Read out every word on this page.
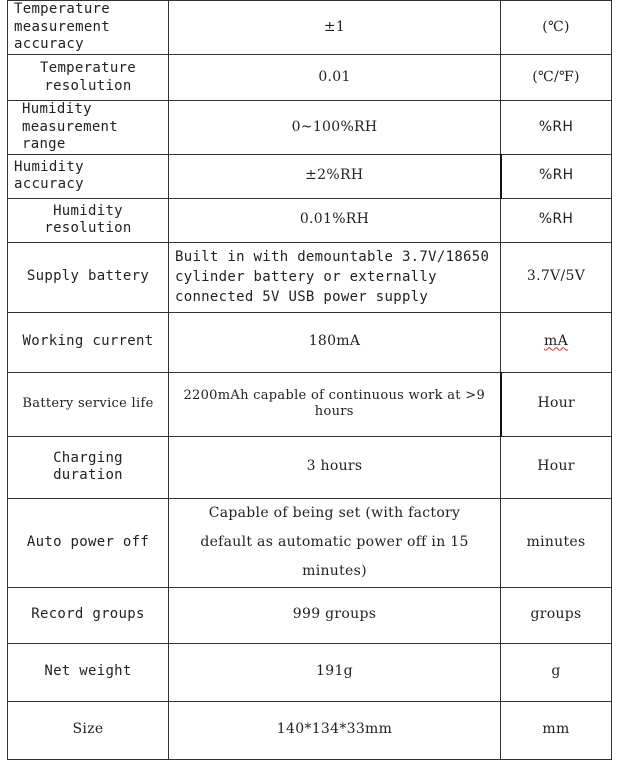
Temperature measurement accuracy	±1	(℃)
Temperature resolution	0.01	(℃/℉)
Humidity measurement range	0~100%RH	%RH
Humidity accuracy	±2%RH	%RH
Humidity resolution	0.01%RH	%RH
Supply battery	Built in with demountable 3.7V/18650 cylinder battery or externally connected 5V USB power supply	3.7V/5V
Working current	180mA	mA
Battery service life	2200mAh capable of continuous work at >9 hours	Hour
Charging duration	3 hours	Hour
Auto power off	Capable of being set (with factory default as automatic power off in 15 minutes)	minutes
Record groups	999 groups	groups
Net weight	191g	g
Size	140*134*33mm	mm
